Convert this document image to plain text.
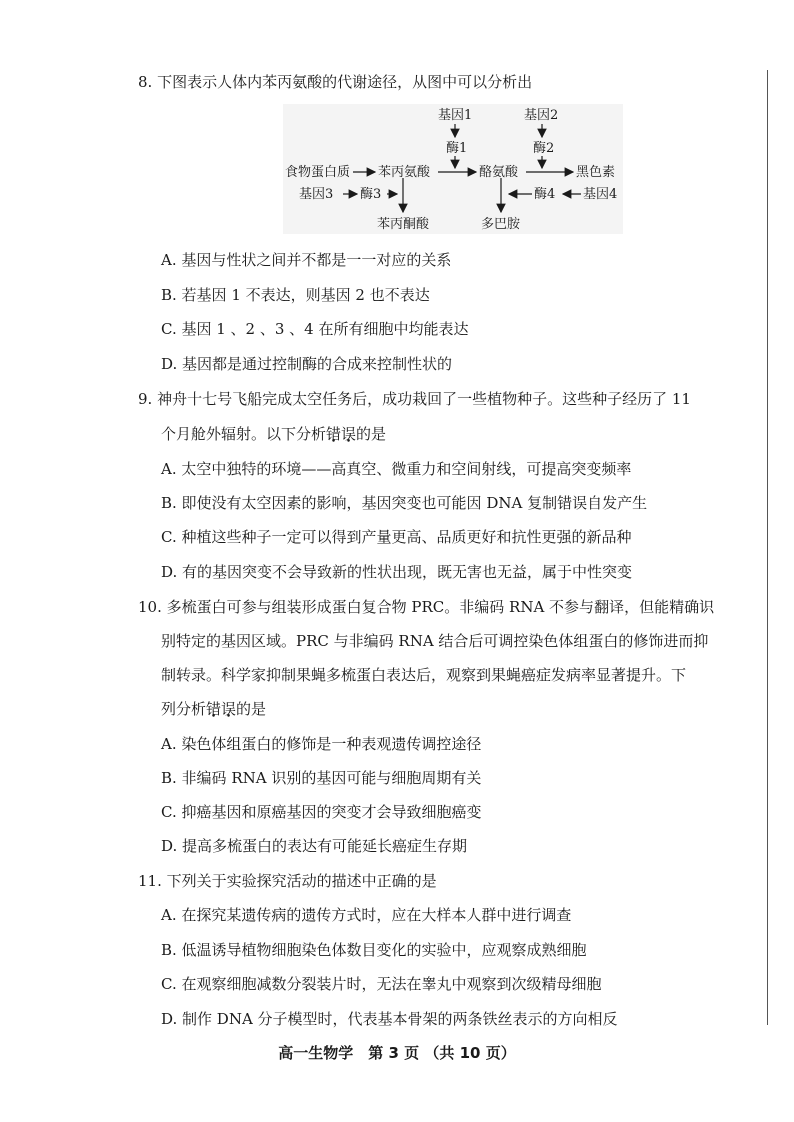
8. 下图表示人体内苯丙氨酸的代谢途径，从图中可以分析出
基因1
酶1
基因2
酶2
食物蛋白质 苯丙氨酸	酪氨酸	黑色素
基因3 酶3
苯丙酮酸	多巴胺
酶4 基因4
A. 基因与性状之间并不都是一一对应的关系
B. 若基因 1 不表达，则基因 2 也不表达
C. 基因 1 、2 、3 、4 在所有细胞中均能表达
D. 基因都是通过控制酶的合成来控制性状的
9. 神舟十七号飞船完成太空任务后，成功栽回了一些植物种子。这些种子经历了 11
个月舱外辐射。以下分析错误的是
A. 太空中独特的环境——高真空、微重力和空间射线，可提高突变频率
B. 即使没有太空因素的影响，基因突变也可能因 DNA 复制错误自发产生
C. 种植这些种子一定可以得到产量更高、品质更好和抗性更强的新品种
D. 有的基因突变不会导致新的性状出现，既无害也无益，属于中性突变
10. 多梳蛋白可参与组装形成蛋白复合物 PRC。非编码 RNA 不参与翻译，但能精确识
别特定的基因区域。PRC 与非编码 RNA 结合后可调控染色体组蛋白的修饰进而抑
制转录。科学家抑制果蝇多梳蛋白表达后，观察到果蝇癌症发病率显著提升。下
列分析错误的是
A. 染色体组蛋白的修饰是一种表观遗传调控途径
B. 非编码 RNA 识别的基因可能与细胞周期有关
C. 抑癌基因和原癌基因的突变才会导致细胞癌变
D. 提高多梳蛋白的表达有可能延长癌症生存期
11. 下列关于实验探究活动的描述中正确的是
A. 在探究某遗传病的遗传方式时，应在大样本人群中进行调查
B. 低温诱导植物细胞染色体数目变化的实验中，应观察成熟细胞
C. 在观察细胞减数分裂装片时，无法在睾丸中观察到次级精母细胞
D. 制作 DNA 分子模型时，代表基本骨架的两条铁丝表示的方向相反
高一生物学　第 3 页 （共 10 页）
